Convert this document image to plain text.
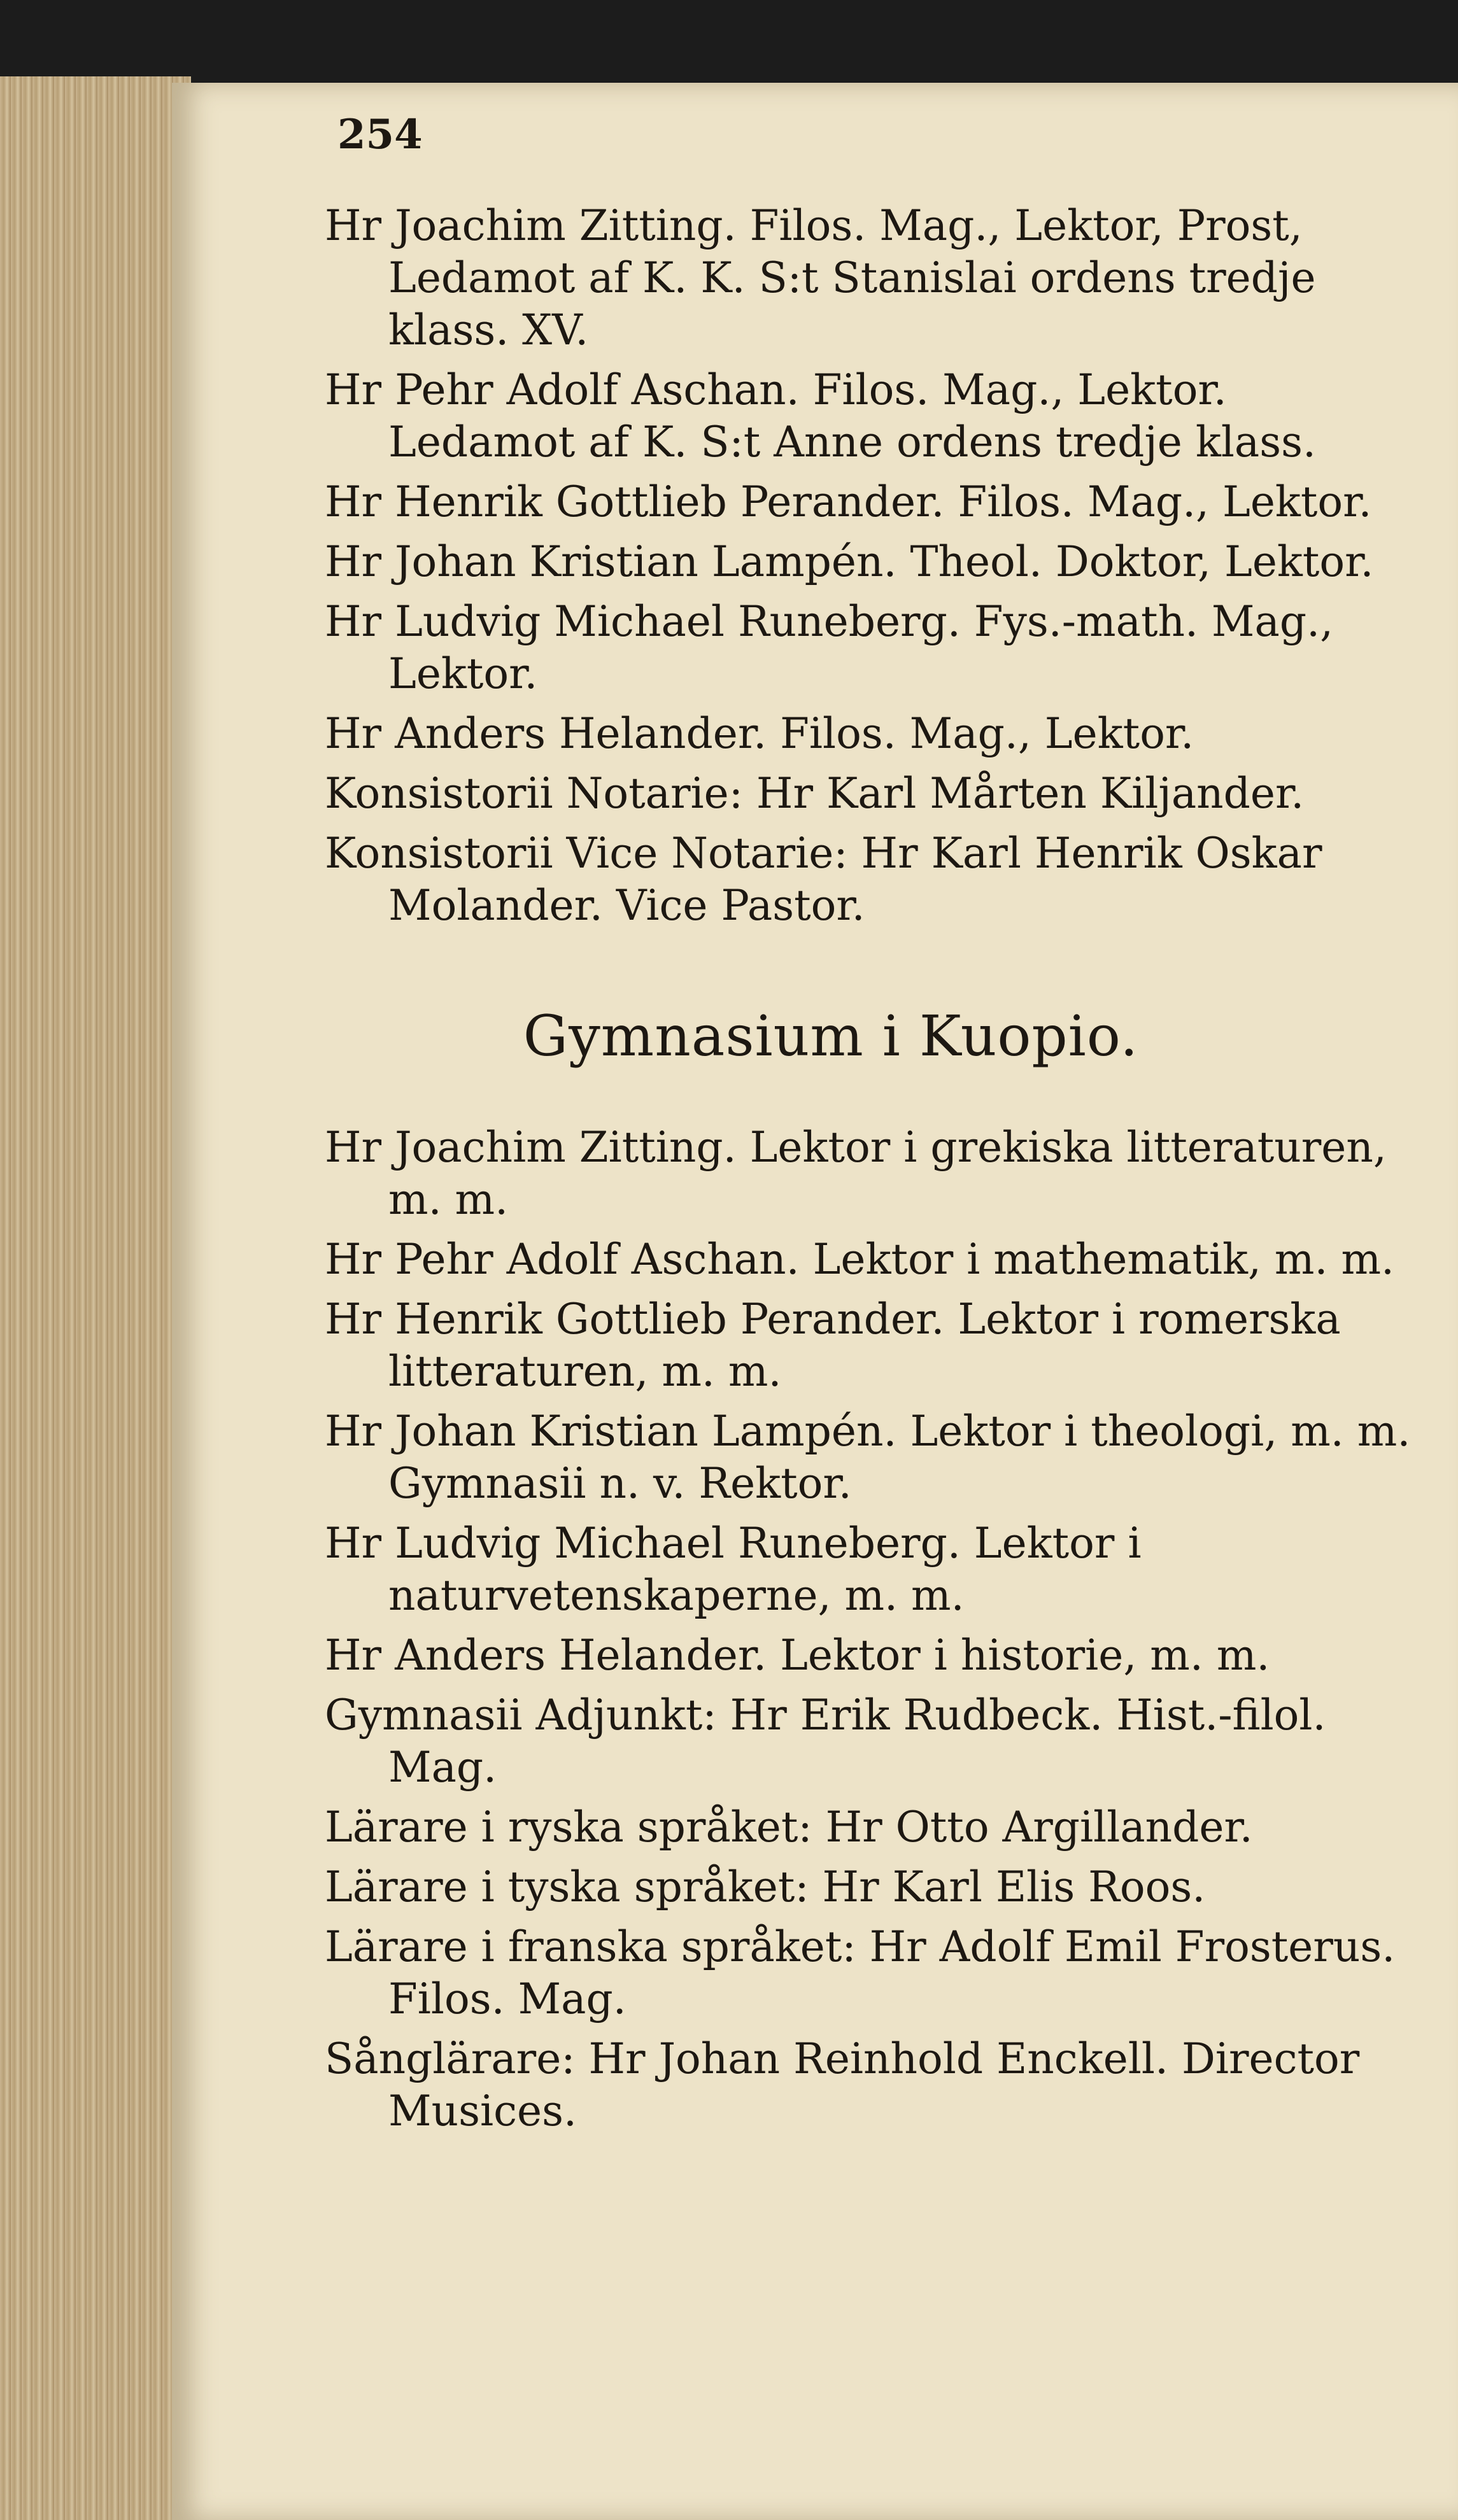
254

Hr Joachim Zitting. Filos. Mag., Lektor, Prost, Ledamot af K. K. S:t Stanislai ordens tredje klass. XV.

Hr Pehr Adolf Aschan. Filos. Mag., Lektor. Ledamot af K. S:t Anne ordens tredje klass.

Hr Henrik Gottlieb Perander. Filos. Mag., Lektor.

Hr Johan Kristian Lampén. Theol. Doktor, Lektor.

Hr Ludvig Michael Runeberg. Fys.-math. Mag., Lektor.

Hr Anders Helander. Filos. Mag., Lektor.

Konsistorii Notarie: Hr Karl Mårten Kiljander.

Konsistorii Vice Notarie: Hr Karl Henrik Oskar Molander. Vice Pastor.

Gymnasium i Kuopio.

Hr Joachim Zitting. Lektor i grekiska litteraturen, m. m.

Hr Pehr Adolf Aschan. Lektor i mathematik, m. m.

Hr Henrik Gottlieb Perander. Lektor i romerska litteraturen, m. m.

Hr Johan Kristian Lampén. Lektor i theologi, m. m. Gymnasii n. v. Rektor.

Hr Ludvig Michael Runeberg. Lektor i naturvetenskaperne, m. m.

Hr Anders Helander. Lektor i historie, m. m.

Gymnasii Adjunkt: Hr Erik Rudbeck. Hist.-filol. Mag.

Lärare i ryska språket: Hr Otto Argillander.

Lärare i tyska språket: Hr Karl Elis Roos.

Lärare i franska språket: Hr Adolf Emil Frosterus. Filos. Mag.

Sånglärare: Hr Johan Reinhold Enckell. Director Musices.
